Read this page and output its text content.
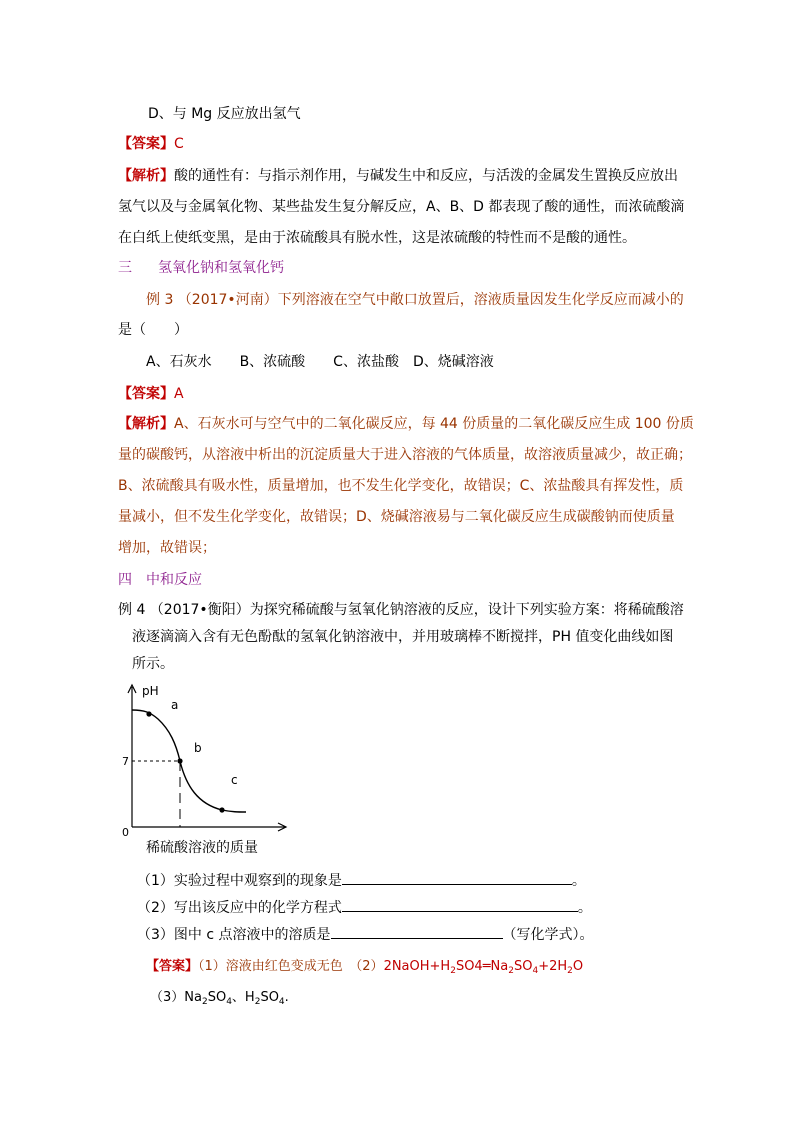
D、与 Mg 反应放出氢气
【答案】C
【解析】酸的通性有：与指示剂作用，与碱发生中和反应，与活泼的金属发生置换反应放出
氢气以及与金属氧化物、某些盐发生复分解反应，A、B、D 都表现了酸的通性，而浓硫酸滴
在白纸上使纸变黑，是由于浓硫酸具有脱水性，这是浓硫酸的特性而不是酸的通性。
三 氢氧化钠和氢氧化钙
例 3 （2017•河南）下列溶液在空气中敞口放置后，溶液质量因发生化学反应而减小的
是（　　）
A、石灰水　　B、浓硫酸　　C、浓盐酸　D、烧碱溶液
【答案】A
【解析】A、石灰水可与空气中的二氧化碳反应，每 44 份质量的二氧化碳反应生成 100 份质
量的碳酸钙，从溶液中析出的沉淀质量大于进入溶液的气体质量，故溶液质量减少，故正确；
B、浓硫酸具有吸水性，质量增加，也不发生化学变化，故错误；C、浓盐酸具有挥发性，质
量减小，但不发生化学变化，故错误；D、烧碱溶液易与二氧化碳反应生成碳酸钠而使质量
增加，故错误；
四 中和反应
例 4 （2017•衡阳）为探究稀硫酸与氢氧化钠溶液的反应，设计下列实验方案：将稀硫酸溶
液逐滴滴入含有无色酚酞的氢氧化钠溶液中，并用玻璃棒不断搅拌，PH 值变化曲线如图
所示。
pH
0
7
a
b
c
稀硫酸溶液的质量
（1）实验过程中观察到的现象是	。
（2）写出该反应中的化学方程式	。
（3）图中 c 点溶液中的溶质是	（写化学式）。
【答案】（1）溶液由红色变成无色　$(2)2NaOH+H_2SO4═Na_2SO_4+2H_2O$
$(3)Na_2SO_4$、$H_2SO_4$.
